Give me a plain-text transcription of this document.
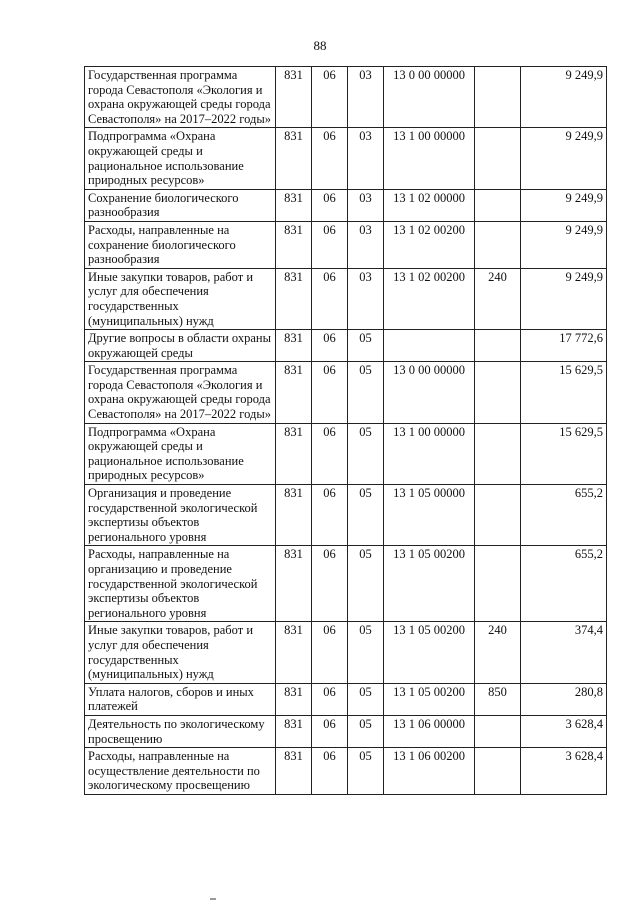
88
Государственная программа города Севастополя «Экология и охрана окружающей среды города Севастополя» на 2017–2022 годы»	831	06	03	13 0 00 00000		9 249,9
Подпрограмма «Охрана окружающей среды и рациональное использование природных ресурсов»	831	06	03	13 1 00 00000		9 249,9
Сохранение биологического разнообразия	831	06	03	13 1 02 00000		9 249,9
Расходы, направленные на сохранение биологического разнообразия	831	06	03	13 1 02 00200		9 249,9
Иные закупки товаров, работ и услуг для обеспечения государственных (муниципальных) нужд	831	06	03	13 1 02 00200	240	9 249,9
Другие вопросы в области охраны окружающей среды	831	06	05			17 772,6
Государственная программа города Севастополя «Экология и охрана окружающей среды города Севастополя» на 2017–2022 годы»	831	06	05	13 0 00 00000		15 629,5
Подпрограмма «Охрана окружающей среды и рациональное использование природных ресурсов»	831	06	05	13 1 00 00000		15 629,5
Организация и проведение государственной экологической экспертизы объектов регионального уровня	831	06	05	13 1 05 00000		655,2
Расходы, направленные на организацию и проведение государственной экологической экспертизы объектов регионального уровня	831	06	05	13 1 05 00200		655,2
Иные закупки товаров, работ и услуг для обеспечения государственных (муниципальных) нужд	831	06	05	13 1 05 00200	240	374,4
Уплата налогов, сборов и иных платежей	831	06	05	13 1 05 00200	850	280,8
Деятельность по экологическому просвещению	831	06	05	13 1 06 00000		3 628,4
Расходы, направленные на осуществление деятельности по экологическому просвещению	831	06	05	13 1 06 00200		3 628,4
